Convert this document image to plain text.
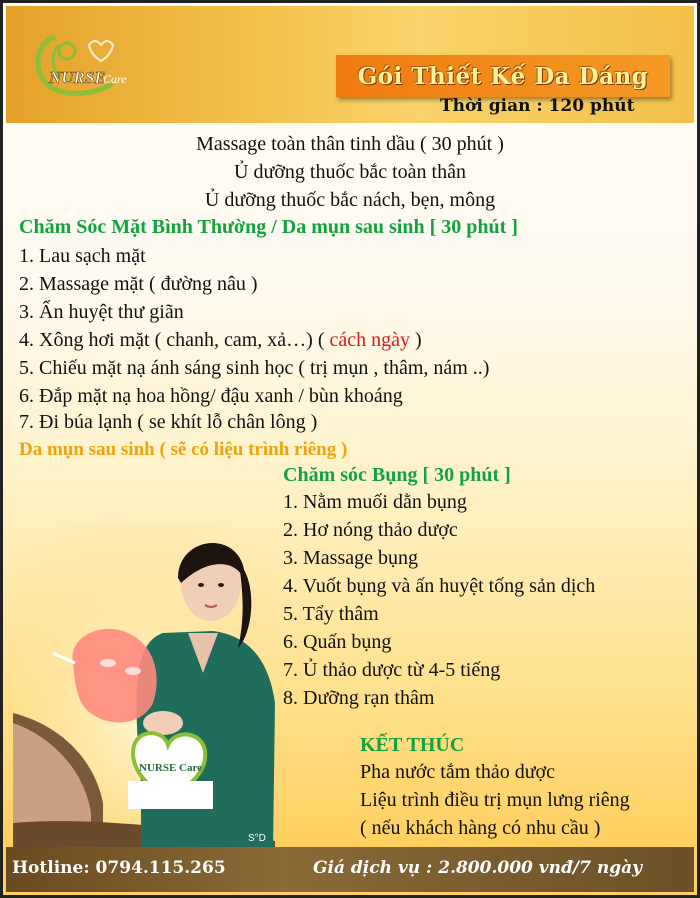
NURSE
Care	Gói Thiết Kế Da Dáng
Thời gian : 120 phút
Massage toàn thân tinh dầu ( 30 phút )
Ủ dưỡng thuốc bắc toàn thân
Ủ dưỡng thuốc bắc nách, bẹn, mông
Chăm Sóc Mặt Bình Thường / Da mụn sau sinh [ 30 phút ]
1. Lau sạch mặt
2. Massage mặt ( đường nâu )
3. Ấn huyệt thư giãn
4. Xông hơi mặt ( chanh, cam, xả…) ( cách ngày )
5. Chiếu mặt nạ ánh sáng sinh học ( trị mụn , thâm, nám ..)
6. Đắp mặt nạ hoa hồng/ đậu xanh / bùn khoáng
7. Đi búa lạnh ( se khít lỗ chân lông )
Da mụn sau sinh ( sẽ có liệu trình riêng )
NURSE Care
S°D
Chăm sóc Bụng [ 30 phút ]
1. Nằm muối dằn bụng
2. Hơ nóng thảo dược
3. Massage bụng
4. Vuốt bụng và ấn huyệt tống sản dịch
5. Tẩy thâm
6. Quấn bụng
7. Ủ thảo dược từ 4-5 tiếng
8. Dưỡng rạn thâm
KẾT THÚC
Pha nước tắm thảo dược
Liệu trình điều trị mụn lưng riêng
( nếu khách hàng có nhu cầu )
Hotline: 0794.115.265	Giá dịch vụ : 2.800.000 vnđ/7 ngày
